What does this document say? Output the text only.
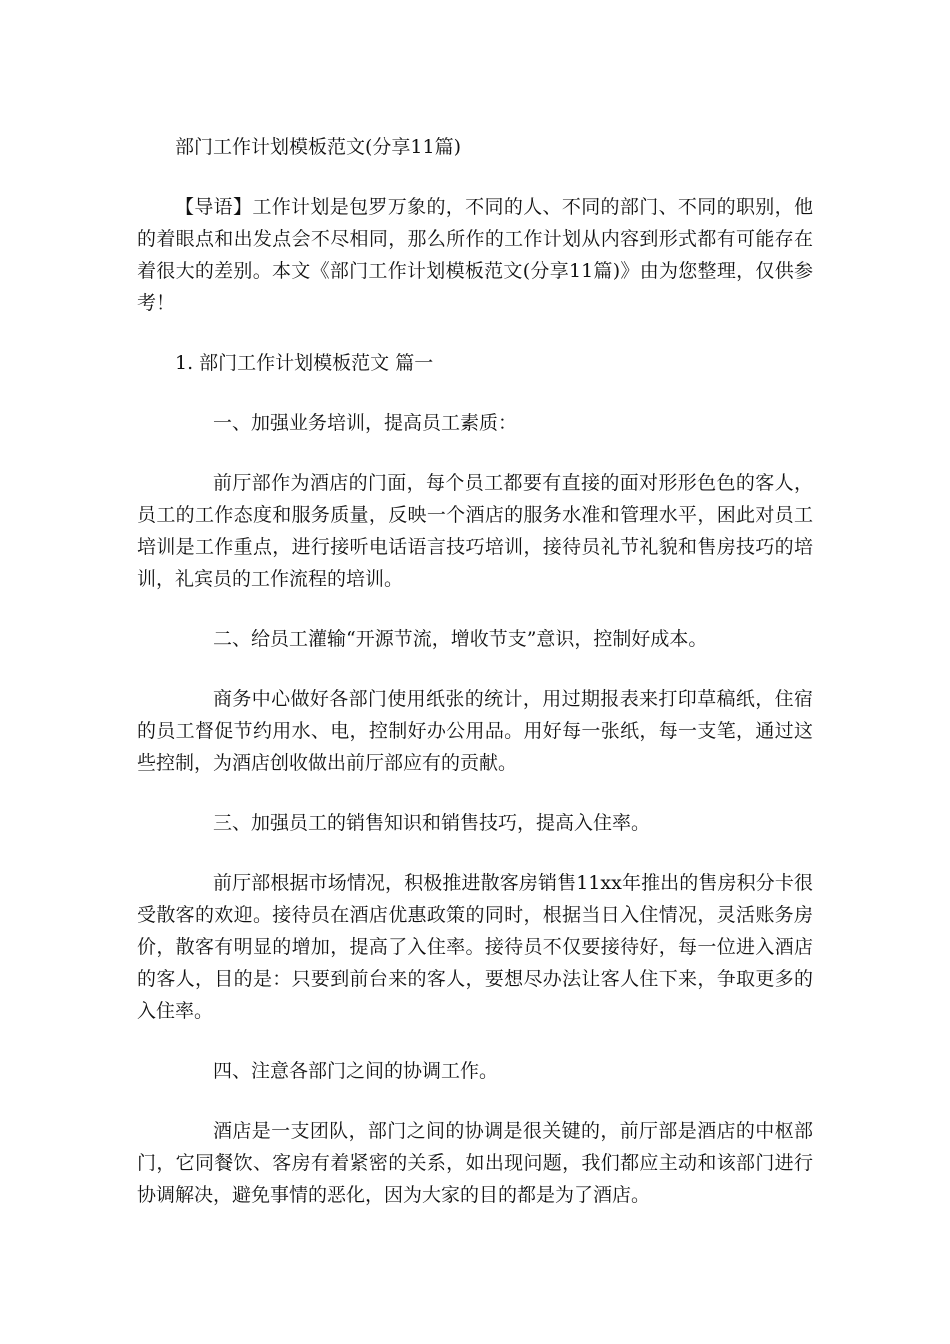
部门工作计划模板范文(分享11篇)

【导语】工作计划是包罗万象的，不同的人、不同的部门、不同的职别，他的着眼点和出发点会不尽相同，那么所作的工作计划从内容到形式都有可能存在着很大的差别。本文《部门工作计划模板范文(分享11篇)》由为您整理，仅供参考！

1. 部门工作计划模板范文 篇一

一、加强业务培训，提高员工素质：

前厅部作为酒店的门面，每个员工都要有直接的面对形形色色的客人，员工的工作态度和服务质量，反映一个酒店的服务水准和管理水平，困此对员工培训是工作重点，进行接听电话语言技巧培训，接待员礼节礼貌和售房技巧的培训，礼宾员的工作流程的培训。

二、给员工灌输“开源节流，增收节支”意识，控制好成本。

商务中心做好各部门使用纸张的统计，用过期报表来打印草稿纸，住宿的员工督促节约用水、电，控制好办公用品。用好每一张纸，每一支笔，通过这些控制，为酒店创收做出前厅部应有的贡献。

三、加强员工的销售知识和销售技巧，提高入住率。

前厅部根据市场情况，积极推进散客房销售11xx年推出的售房积分卡很受散客的欢迎。接待员在酒店优惠政策的同时，根据当日入住情况，灵活账务房价，散客有明显的增加，提高了入住率。接待员不仅要接待好，每一位进入酒店的客人，目的是：只要到前台来的客人，要想尽办法让客人住下来，争取更多的入住率。

四、注意各部门之间的协调工作。

酒店是一支团队，部门之间的协调是很关键的，前厅部是酒店的中枢部门，它同餐饮、客房有着紧密的关系，如出现问题，我们都应主动和该部门进行协调解决，避免事情的恶化，因为大家的目的都是为了酒店。
